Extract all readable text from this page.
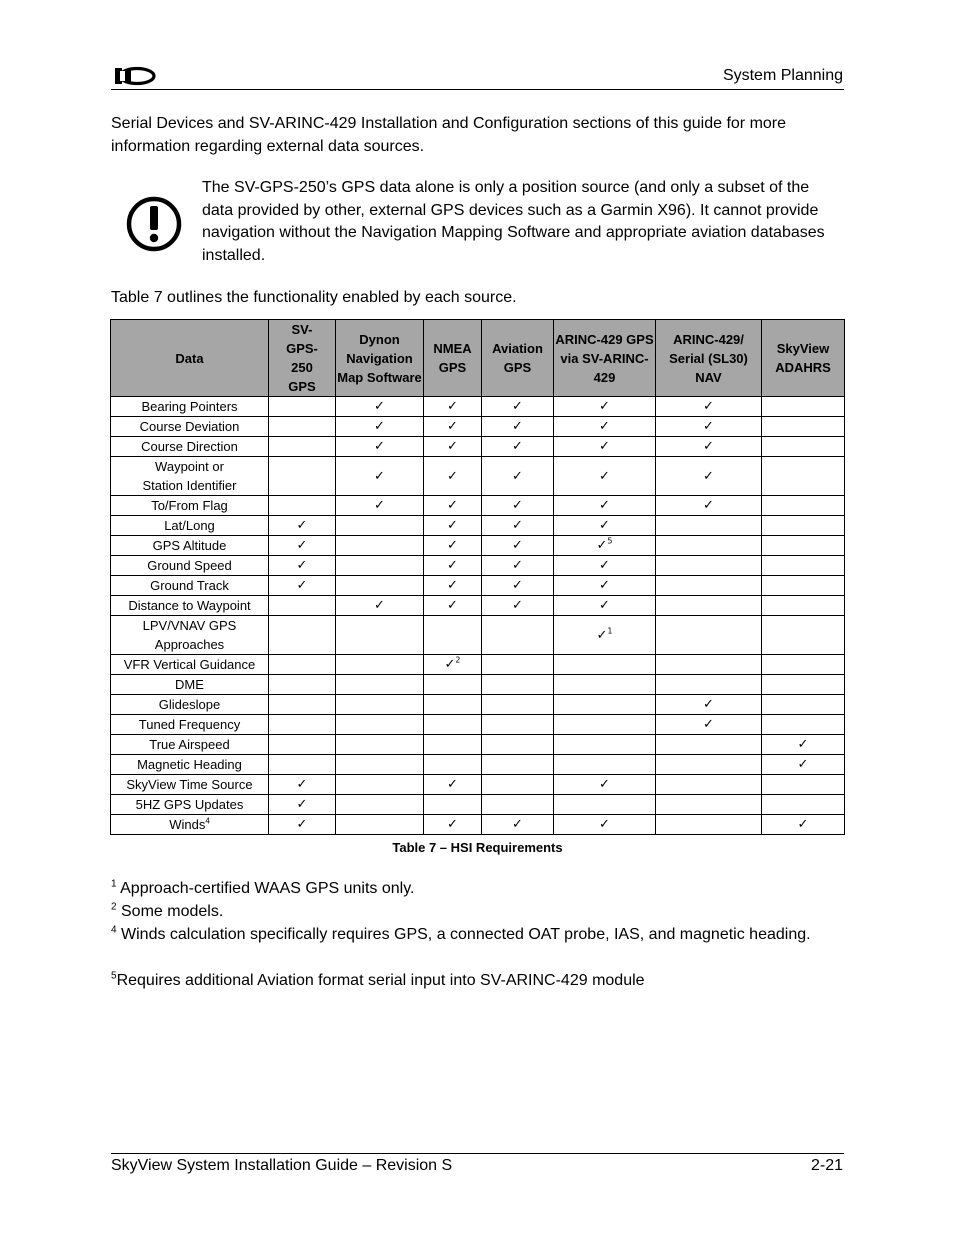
System Planning
Serial Devices and SV-ARINC-429 Installation and Configuration sections of this guide for more information regarding external data sources.
The SV-GPS-250’s GPS data alone is only a position source (and only a subset of the data provided by other, external GPS devices such as a Garmin X96). It cannot provide navigation without the Navigation Mapping Software and appropriate aviation databases installed.
Table 7 outlines the functionality enabled by each source.
Data	SV-GPS-250 GPS	Dynon Navigation Map Software	NMEA GPS	Aviation GPS	ARINC-429 GPS via SV-ARINC-429	ARINC-429/ Serial (SL30) NAV	SkyView ADAHRS
Bearing Pointers		✓	✓	✓	✓	✓	
Course Deviation		✓	✓	✓	✓	✓	
Course Direction		✓	✓	✓	✓	✓	
Waypoint or Station Identifier		✓	✓	✓	✓	✓	
To/From Flag		✓	✓	✓	✓	✓	
Lat/Long	✓		✓	✓	✓		
GPS Altitude	✓		✓	✓	✓$^5$		
Ground Speed	✓		✓	✓	✓		
Ground Track	✓		✓	✓	✓		
Distance to Waypoint		✓	✓	✓	✓		
LPV/VNAV GPS Approaches					✓$^1$		
VFR Vertical Guidance			✓$^2$				
DME							
Glideslope						✓	
Tuned Frequency						✓	
True Airspeed							✓
Magnetic Heading							✓
SkyView Time Source	✓		✓		✓		
5HZ GPS Updates	✓						
Winds$^4$	✓		✓	✓	✓		✓
Table 7 – HSI Requirements
$^1$ Approach-certified WAAS GPS units only.
$^2$ Some models.
$^4$ Winds calculation specifically requires GPS, a connected OAT probe, IAS, and magnetic heading.
$^5$Requires additional Aviation format serial input into SV-ARINC-429 module
SkyView System Installation Guide – Revision S	2-21
